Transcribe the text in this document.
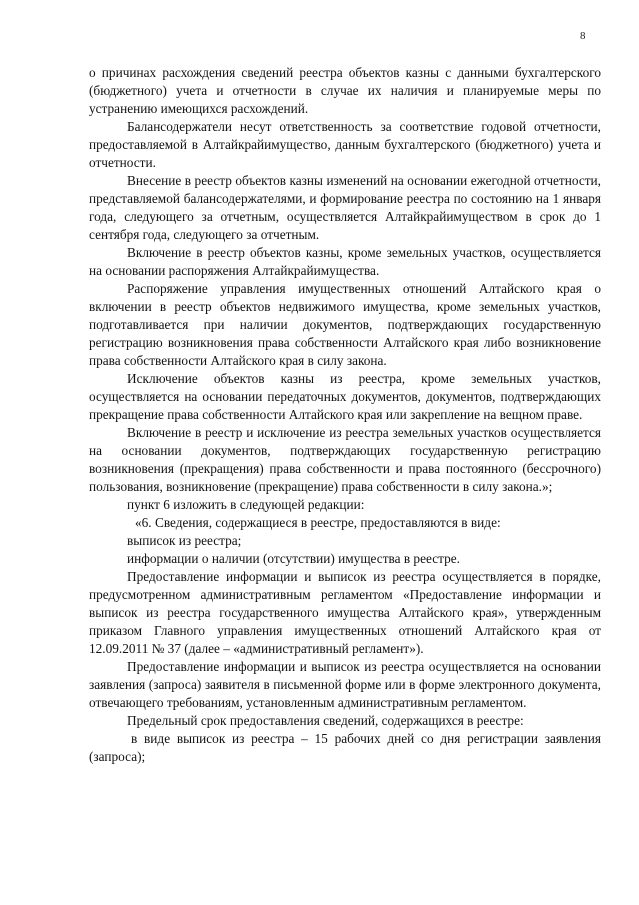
8

о причинах расхождения сведений реестра объектов казны с данными бухгалтерского (бюджетного) учета и отчетности в случае их наличия и планируемые меры по устранению имеющихся расхождений.

Балансодержатели несут ответственность за соответствие годовой отчетности, предоставляемой в Алтайкрайимущество, данным бухгалтерского (бюджетного) учета и отчетности.

Внесение в реестр объектов казны изменений на основании ежегодной отчетности, представляемой балансодержателями, и формирование реестра по состоянию на 1 января года, следующего за отчетным, осуществляется Алтайкрайимуществом в срок до 1 сентября года, следующего за отчетным.

Включение в реестр объектов казны, кроме земельных участков, осуществляется на основании распоряжения Алтайкрайимущества.

Распоряжение управления имущественных отношений Алтайского края о включении в реестр объектов недвижимого имущества, кроме земельных участков, подготавливается при наличии документов, подтверждающих государственную регистрацию возникновения права собственности Алтайского края либо возникновение права собственности Алтайского края в силу закона.

Исключение объектов казны из реестра, кроме земельных участков, осуществляется на основании передаточных документов, документов, подтверждающих прекращение права собственности Алтайского края или закрепление на вещном праве.

Включение в реестр и исключение из реестра земельных участков осуществляется на основании документов, подтверждающих государственную регистрацию возникновения (прекращения) права собственности и права постоянного (бессрочного) пользования, возникновение (прекращение) права собственности в силу закона.»;

пункт 6 изложить в следующей редакции:

«6. Сведения, содержащиеся в реестре, предоставляются в виде:

выписок из реестра;

информации о наличии (отсутствии) имущества в реестре.

Предоставление информации и выписок из реестра осуществляется в порядке, предусмотренном административным регламентом «Предоставление информации и выписок из реестра государственного имущества Алтайского края», утвержденным приказом Главного управления имущественных отношений Алтайского края от 12.09.2011 № 37 (далее – «административный регламент»).

Предоставление информации и выписок из реестра осуществляется на основании заявления (запроса) заявителя в письменной форме или в форме электронного документа, отвечающего требованиям, установленным административным регламентом.

Предельный срок предоставления сведений, содержащихся в реестре:

в виде выписок из реестра – 15 рабочих дней со дня регистрации заявления (запроса);
